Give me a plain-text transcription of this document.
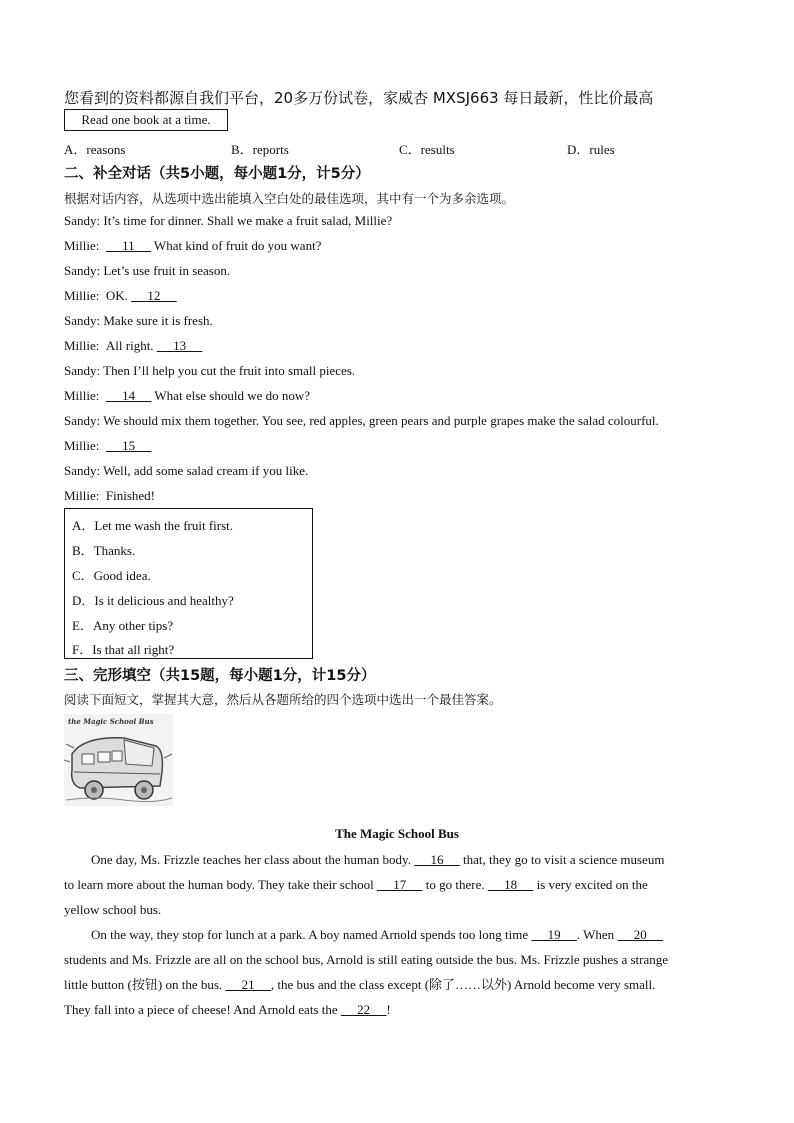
您看到的资料都源自我们平台，20多万份试卷，家威杏 MXSJ663 每日最新，性比价最高
Read one book at a time.
A．reasons	B．reports	C．results	D．rules
二、补全对话（共5小题，每小题1分，计5分）
根据对话内容，从选项中选出能填入空白处的最佳选项，其中有一个为多余选项。
Sandy: It’s time for dinner. Shall we make a fruit salad, Millie?
Millie:       11      What kind of fruit do you want?
Sandy: Let’s use fruit in season.
Millie: OK.      12
Sandy: Make sure it is fresh.
Millie: All right.      13
Sandy: Then I’ll help you cut the fruit into small pieces.
Millie:       14      What else should we do now?
Sandy: We should mix them together. You see, red apples, green pears and purple grapes make the salad colourful.
Millie:       15
Sandy: Well, add some salad cream if you like.
Millie: Finished!
A．Let me wash the fruit first.
B．Thanks.
C．Good idea.
D．Is it delicious and healthy?
E．Any other tips?
F．Is that all right?
三、完形填空（共15题，每小题1分，计15分）
阅读下面短文，掌握其大意，然后从各题所给的四个选项中选出一个最佳答案。
the Magic School Bus
The Magic School Bus
One day, Ms. Frizzle teaches her class about the human body.      16      that, they go to visit a science museum
to learn more about the human body. They take their school      17      to go there.      18      is very excited on the
yellow school bus.
On the way, they stop for lunch at a park. A boy named Arnold spends too long time      19     . When      20
students and Ms. Frizzle are all on the school bus, Arnold is still eating outside the bus. Ms. Frizzle pushes a strange
little button (按钮) on the bus.      21     , the bus and the class except (除了……以外) Arnold become very small.
They fall into a piece of cheese! And Arnold eats the      22     !
